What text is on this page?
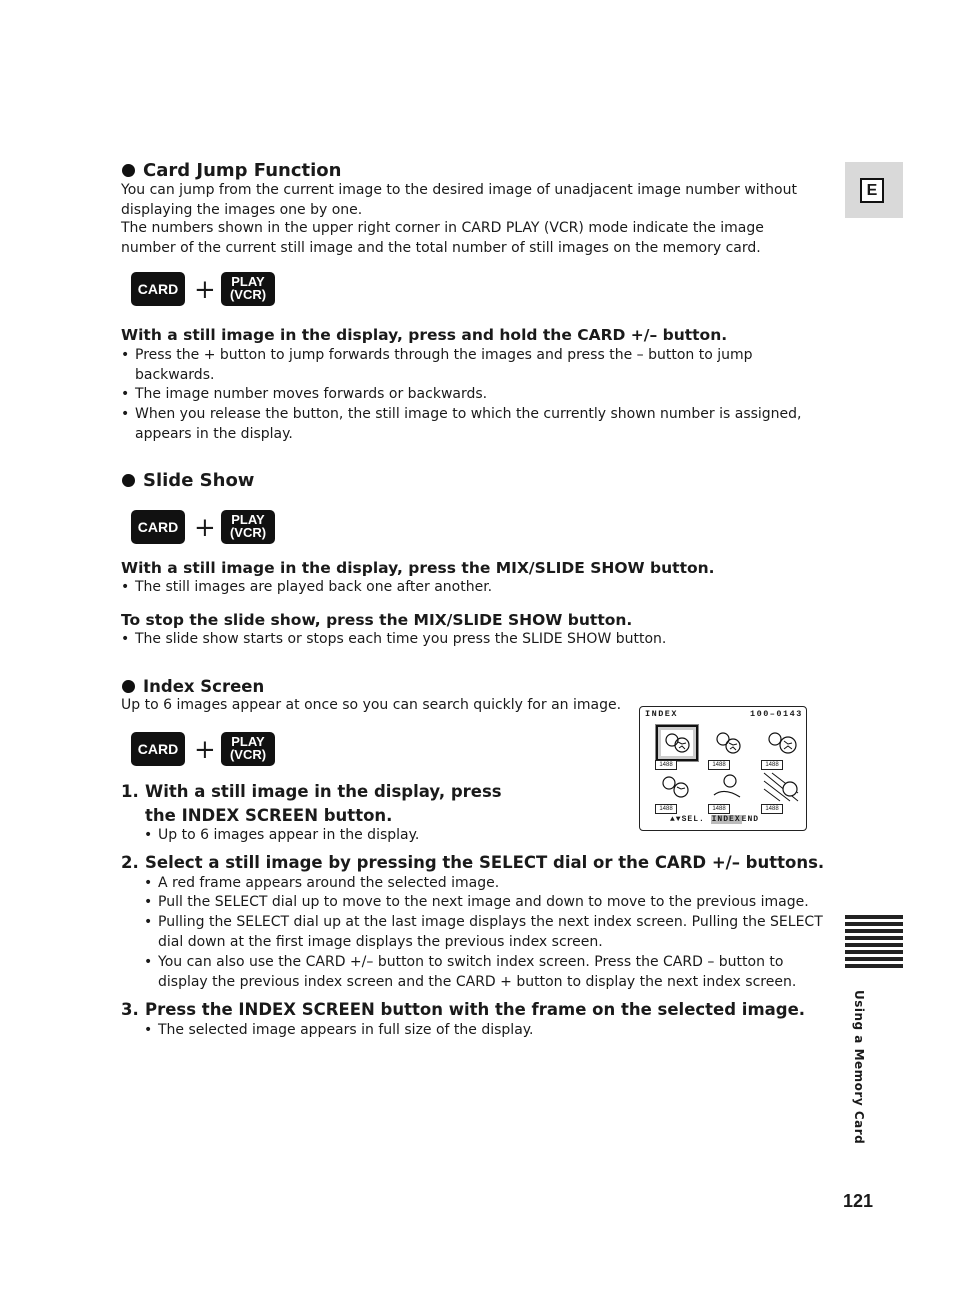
E
Card Jump Function
You can jump from the current image to the desired image of unadjacent image number without displaying the images one by one.
The numbers shown in the upper right corner in CARD PLAY (VCR) mode indicate the image number of the current still image and the total number of still images on the memory card.
CARD +	PLAY
(VCR)
With a still image in the display, press and hold the CARD +/– button.
• Press the + button to jump forwards through the images and press the – button to jump backwards.
• The image number moves forwards or backwards.
• When you release the button, the still image to which the currently shown number is assigned, appears in the display.
Slide Show
CARD +	PLAY
(VCR)
With a still image in the display, press the MIX/SLIDE SHOW button.
• The still images are played back one after another.
To stop the slide show, press the MIX/SLIDE SHOW button.
• The slide show starts or stops each time you press the SLIDE SHOW button.
Index Screen
Up to 6 images appear at once so you can search quickly for an image.
CARD +	PLAY
(VCR)
INDEX	100–0143
1488	1488	1488
1488	1488	1488
▲▼SEL. INDEXEND
1. With a still image in the display, press
the INDEX SCREEN button.
• Up to 6 images appear in the display.
2. Select a still image by pressing the SELECT dial or the CARD +/– buttons.
• A red frame appears around the selected image.
• Pull the SELECT dial up to move to the next image and down to move to the previous image.
• Pulling the SELECT dial up at the last image displays the next index screen. Pulling the SELECT dial down at the first image displays the previous index screen.
• You can also use the CARD +/– button to switch index screen. Press the CARD – button to display the previous index screen and the CARD + button to display the next index screen.
3. Press the INDEX SCREEN button with the frame on the selected image.
• The selected image appears in full size of the display.	Using a Memory Card
121
